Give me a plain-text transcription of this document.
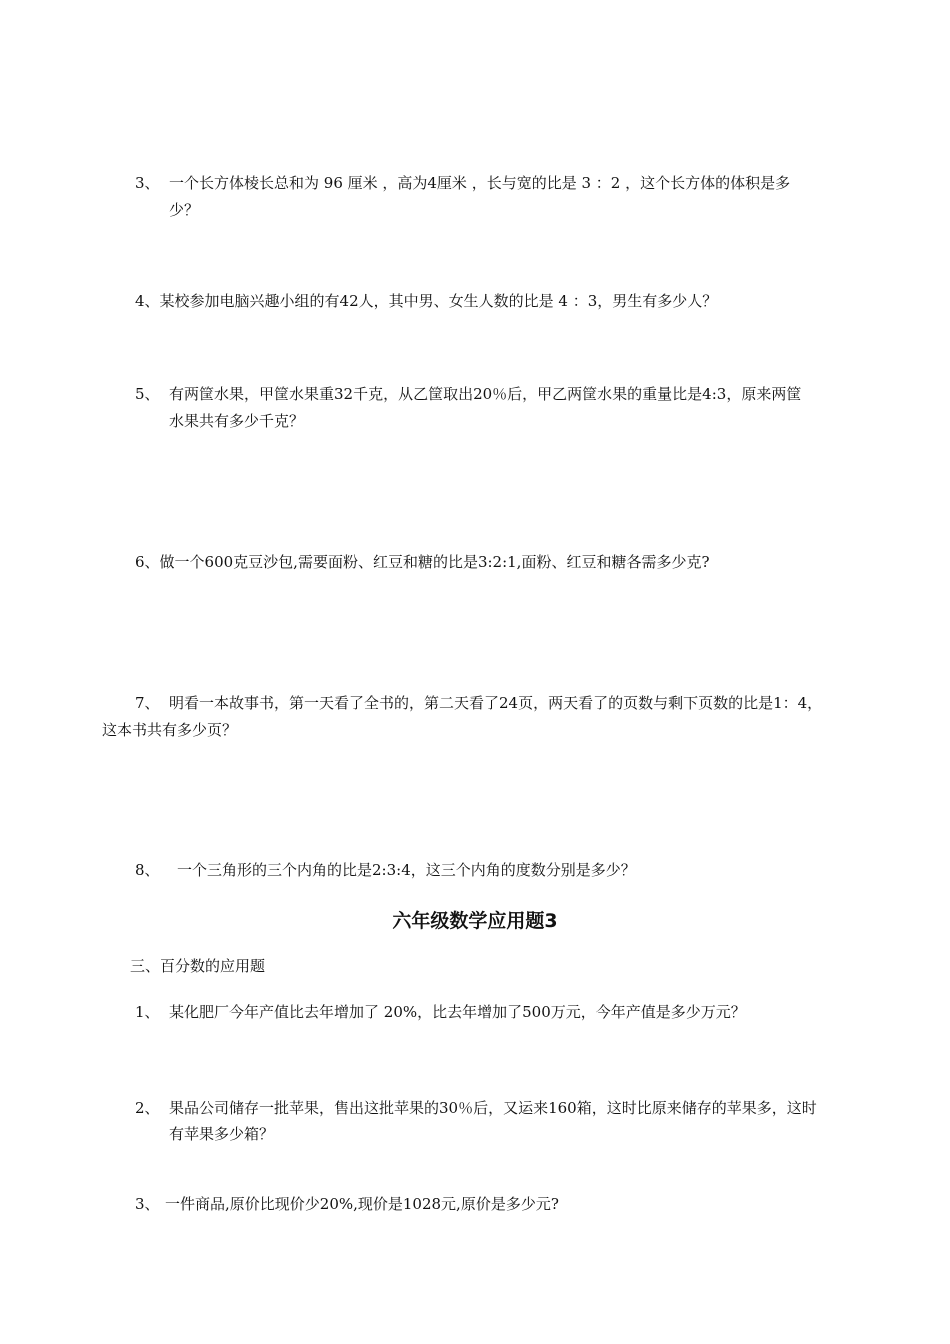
3、 一个长方体棱长总和为 96 厘米 ，高为4厘米 ，长与宽的比是 3 ：2 ，这个长方体的体积是多
少？
4、某校参加电脑兴趣小组的有42人，其中男、女生人数的比是 4 ：3，男生有多少人？
5、 有两筐水果，甲筐水果重32千克，从乙筐取出20％后，甲乙两筐水果的重量比是4:3，原来两筐
水果共有多少千克？
6、做一个600克豆沙包,需要面粉、红豆和糖的比是3:2:1,面粉、红豆和糖各需多少克?
7、 明看一本故事书，第一天看了全书的，第二天看了24页，两天看了的页数与剩下页数的比是1：4，
这本书共有多少页？
8、 一个三角形的三个内角的比是2:3:4，这三个内角的度数分别是多少？
六年级数学应用题3
三、百分数的应用题
1、 某化肥厂今年产值比去年增加了 20%，比去年增加了500万元，今年产值是多少万元？
2、 果品公司储存一批苹果，售出这批苹果的30％后，又运来160箱，这时比原来储存的苹果多，这时
有苹果多少箱？
3、 一件商品,原价比现价少20%,现价是1028元,原价是多少元?
